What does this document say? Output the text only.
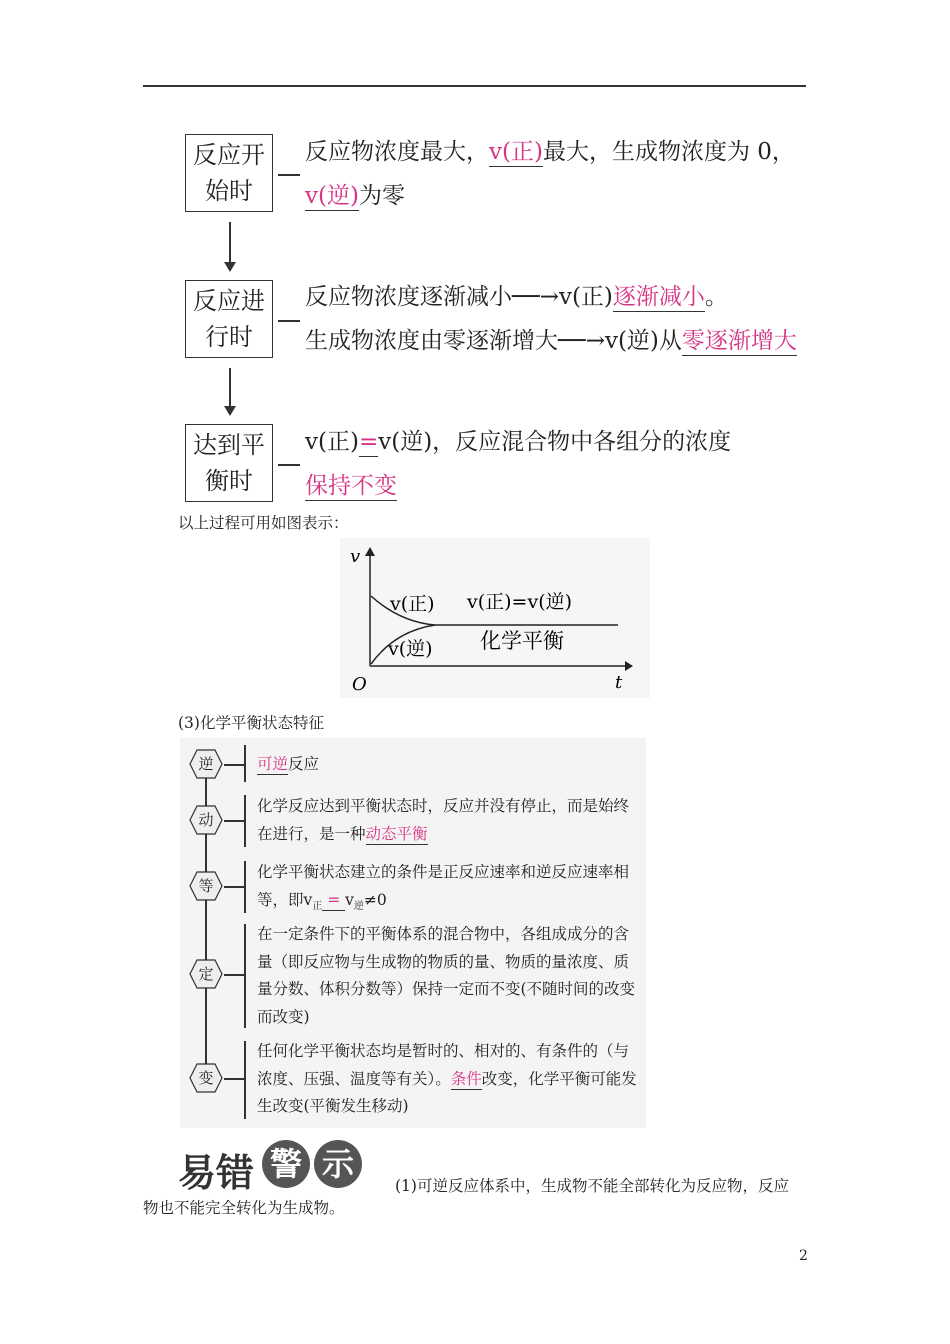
反应开
始时
反应物浓度最大，v(正)最大，生成物浓度为 0，
v(逆)为零
反应进
行时
反应物浓度逐渐减小──→v(正)逐渐减小。
生成物浓度由零逐渐增大──→v(逆)从零逐渐增大
达到平
衡时
v(正)=v(逆)，反应混合物中各组分的浓度
保持不变
以上过程可用如图表示：
v
t
O
v(正) v(正)=v(逆)
v(逆) 化学平衡
(3)化学平衡状态特征
逆	可逆反应
动
化学反应达到平衡状态时，反应并没有停止，而是始终在进行，是一种动态平衡
等
化学平衡状态建立的条件是正反应速率和逆反应速率相等，即$v_正 = v_逆\ne 0$
定
在一定条件下的平衡体系的混合物中，各组成成分的含量（即反应物与生成物的物质的量、物质的量浓度、质量分数、体积分数等）保持一定而不变(不随时间的改变而改变)
变
任何化学平衡状态均是暂时的、相对的、有条件的（与浓度、压强、温度等有关）。条件改变，化学平衡可能发生改变(平衡发生移动)
易错 警 示
(1)可逆反应体系中，生成物不能全部转化为反应物，反应
物也不能完全转化为生成物。
2
